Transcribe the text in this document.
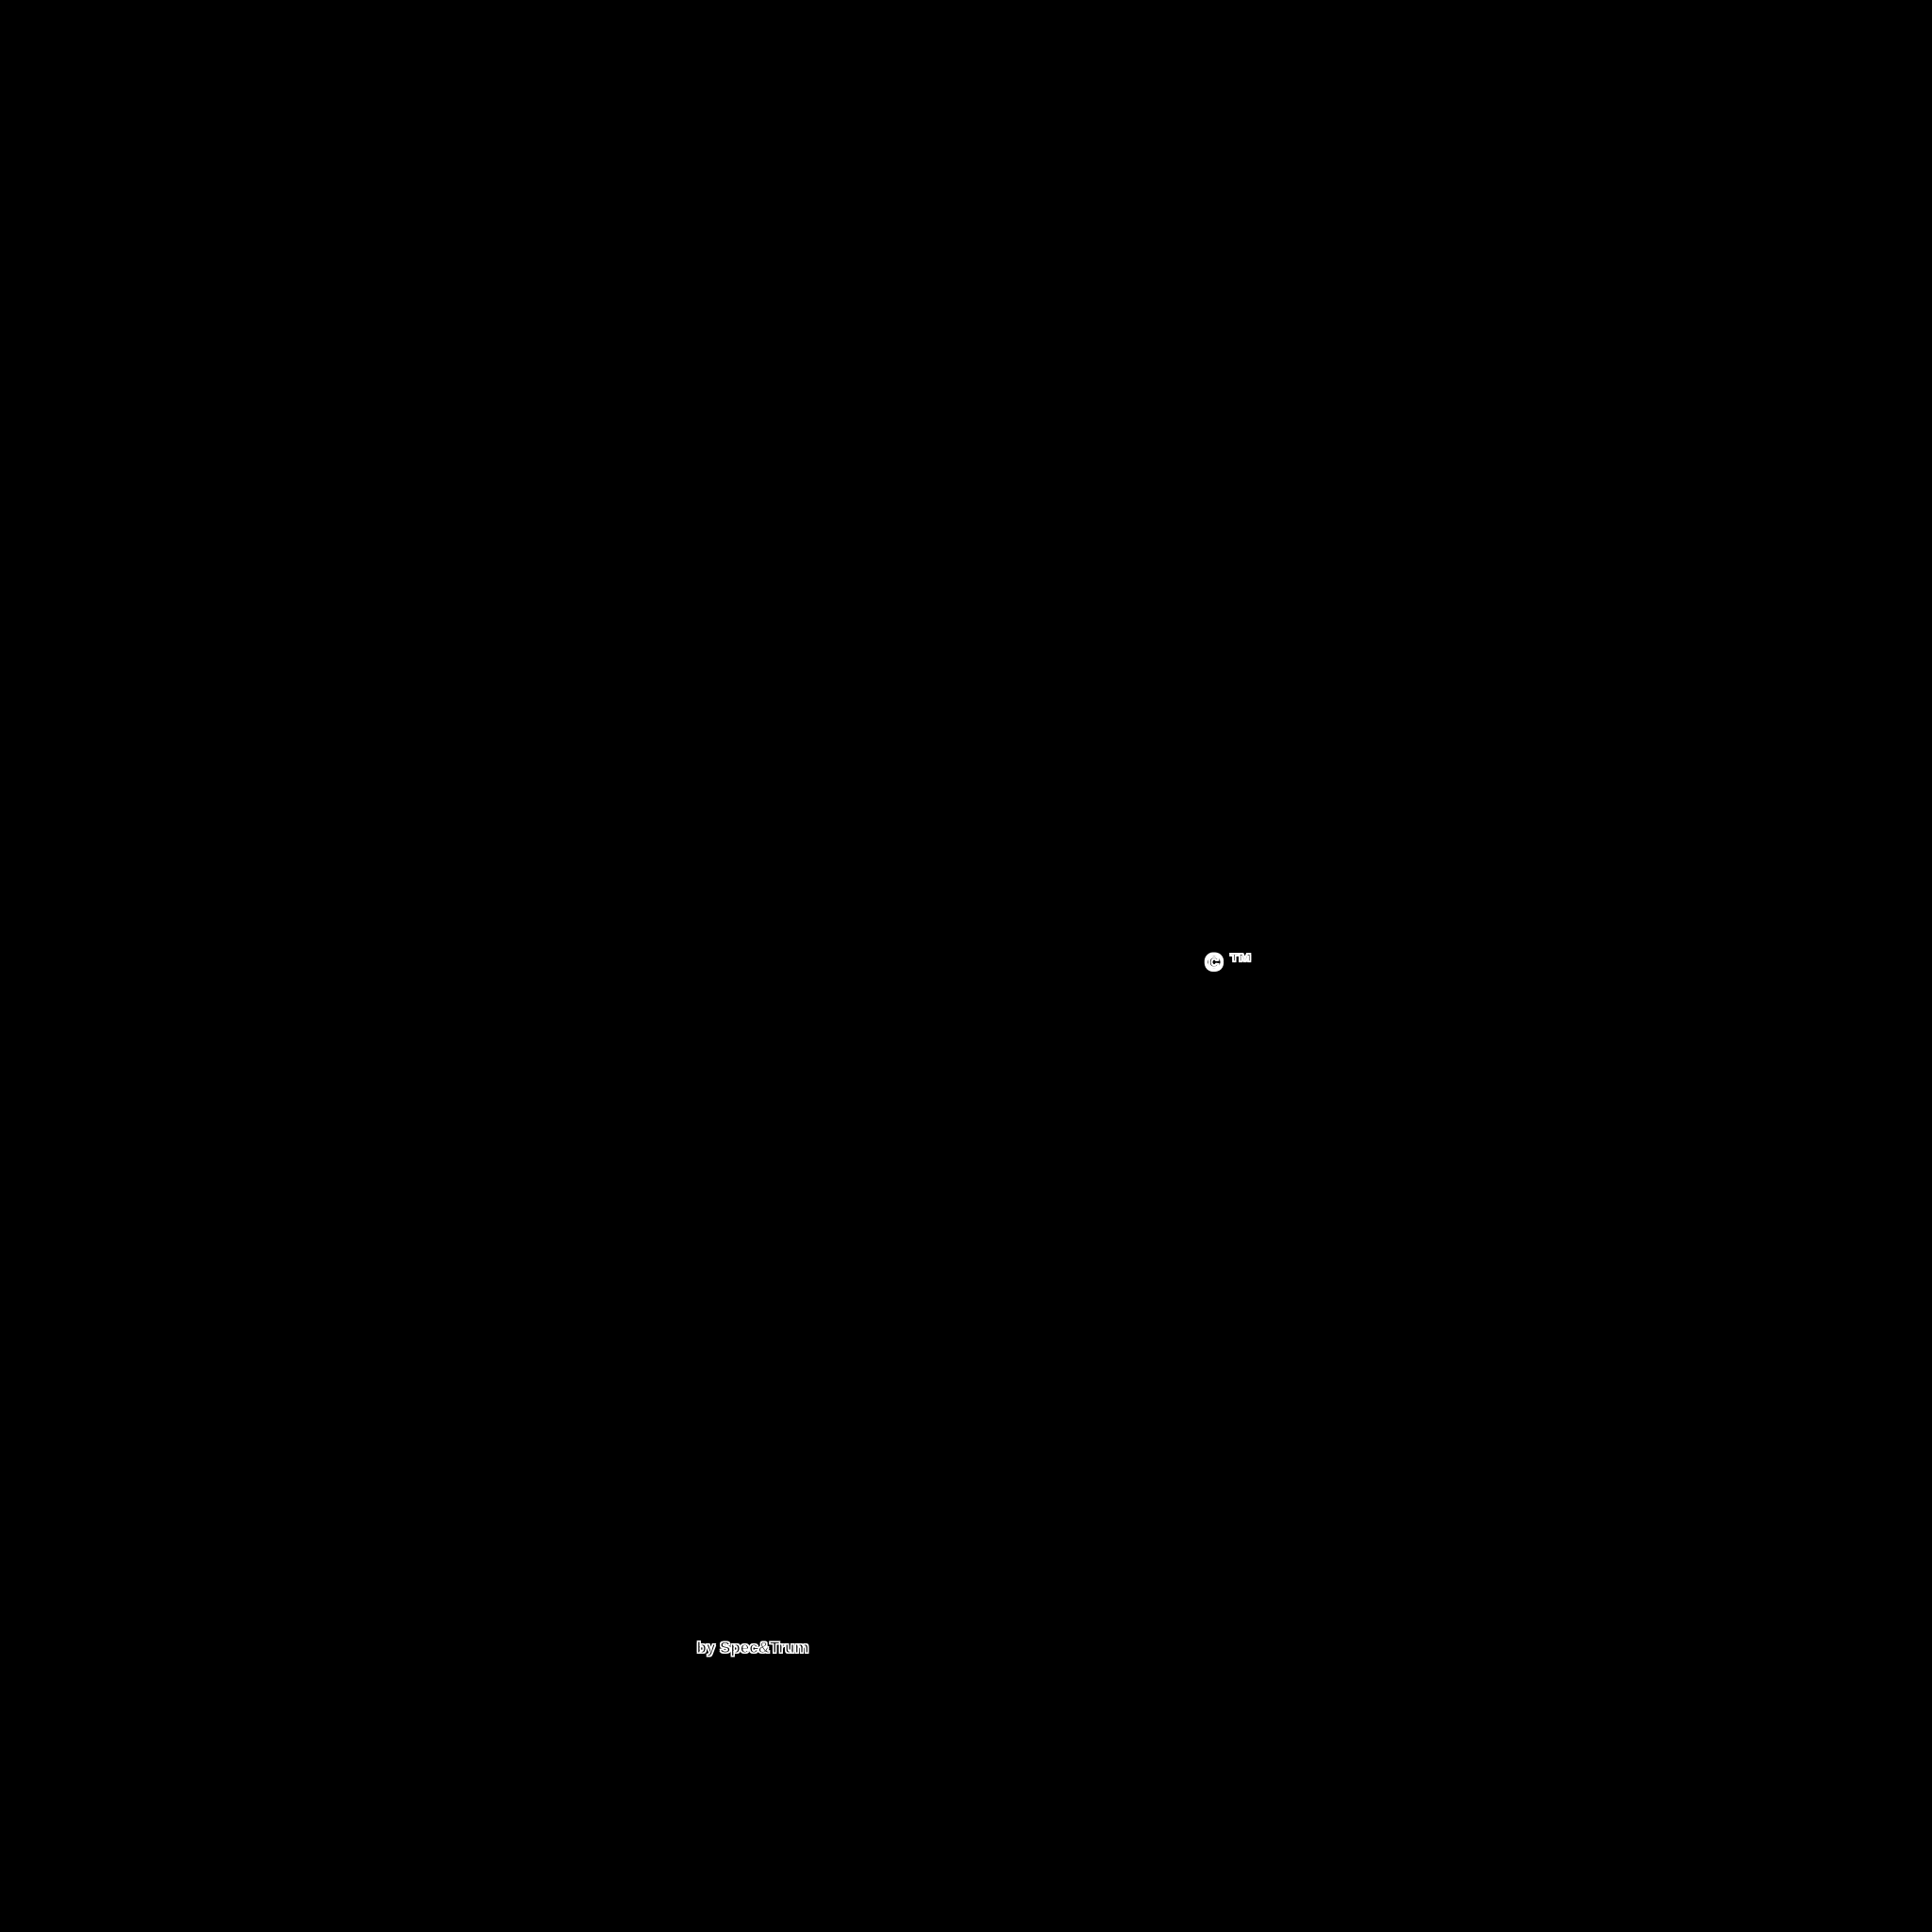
© ™
by Spec&Trum
